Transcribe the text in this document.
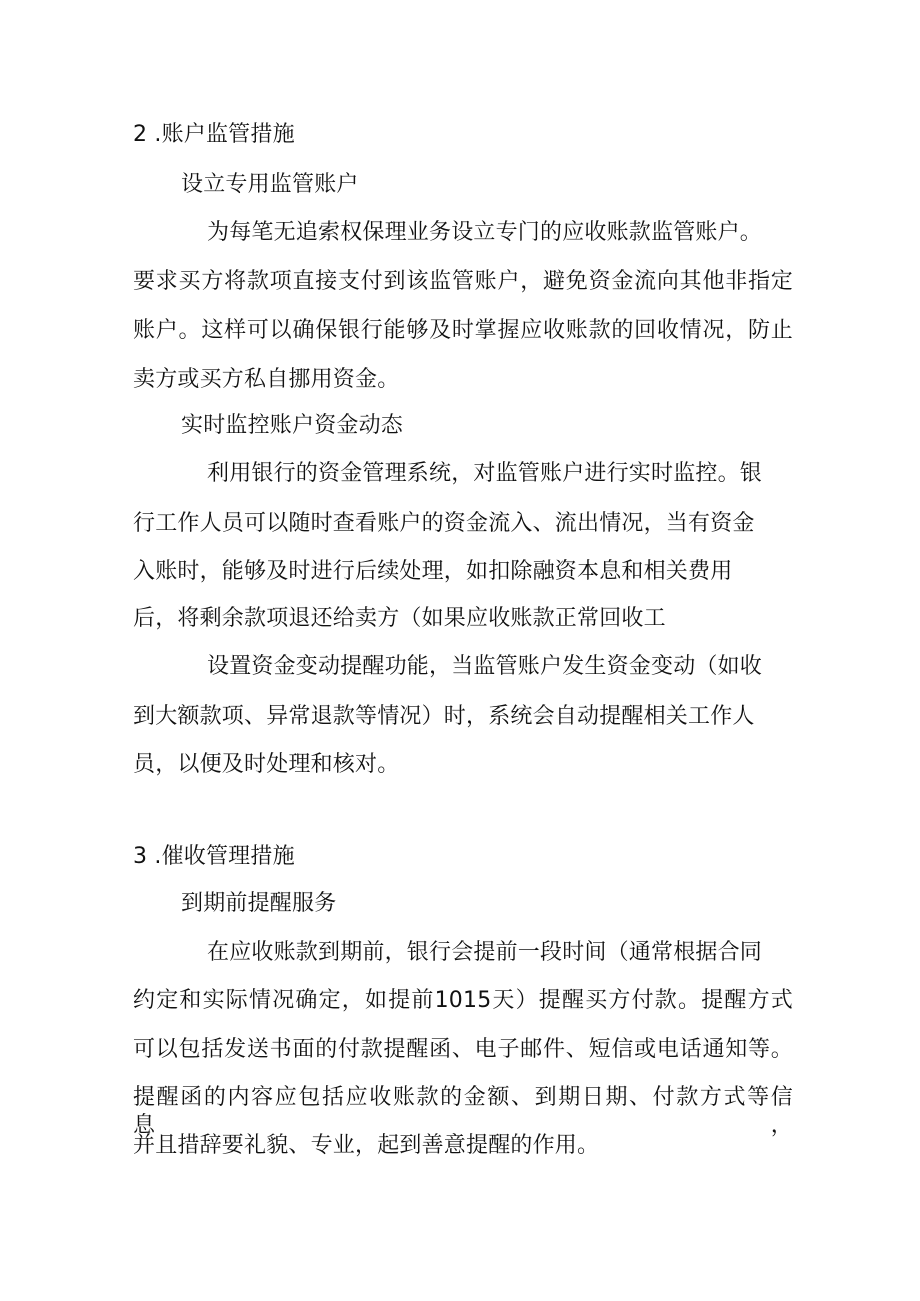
2 .账户监管措施
设立专用监管账户
为每笔无追索权保理业务设立专门的应收账款监管账户。
要求买方将款项直接支付到该监管账户，避免资金流向其他非指定
账户。这样可以确保银行能够及时掌握应收账款的回收情况，防止
卖方或买方私自挪用资金。
实时监控账户资金动态
利用银行的资金管理系统，对监管账户进行实时监控。银
行工作人员可以随时查看账户的资金流入、流出情况，当有资金
入账时，能够及时进行后续处理，如扣除融资本息和相关费用
后，将剩余款项退还给卖方（如果应收账款正常回收工
设置资金变动提醒功能，当监管账户发生资金变动（如收
到大额款项、异常退款等情况）时，系统会自动提醒相关工作人
员，以便及时处理和核对。
3 .催收管理措施
到期前提醒服务
在应收账款到期前，银行会提前一段时间（通常根据合同
约定和实际情况确定，如提前1015天）提醒买方付款。提醒方式
可以包括发送书面的付款提醒函、电子邮件、短信或电话通知等。
提醒函的内容应包括应收账款的金额、到期日期、付款方式等信息，
并且措辞要礼貌、专业，起到善意提醒的作用。
